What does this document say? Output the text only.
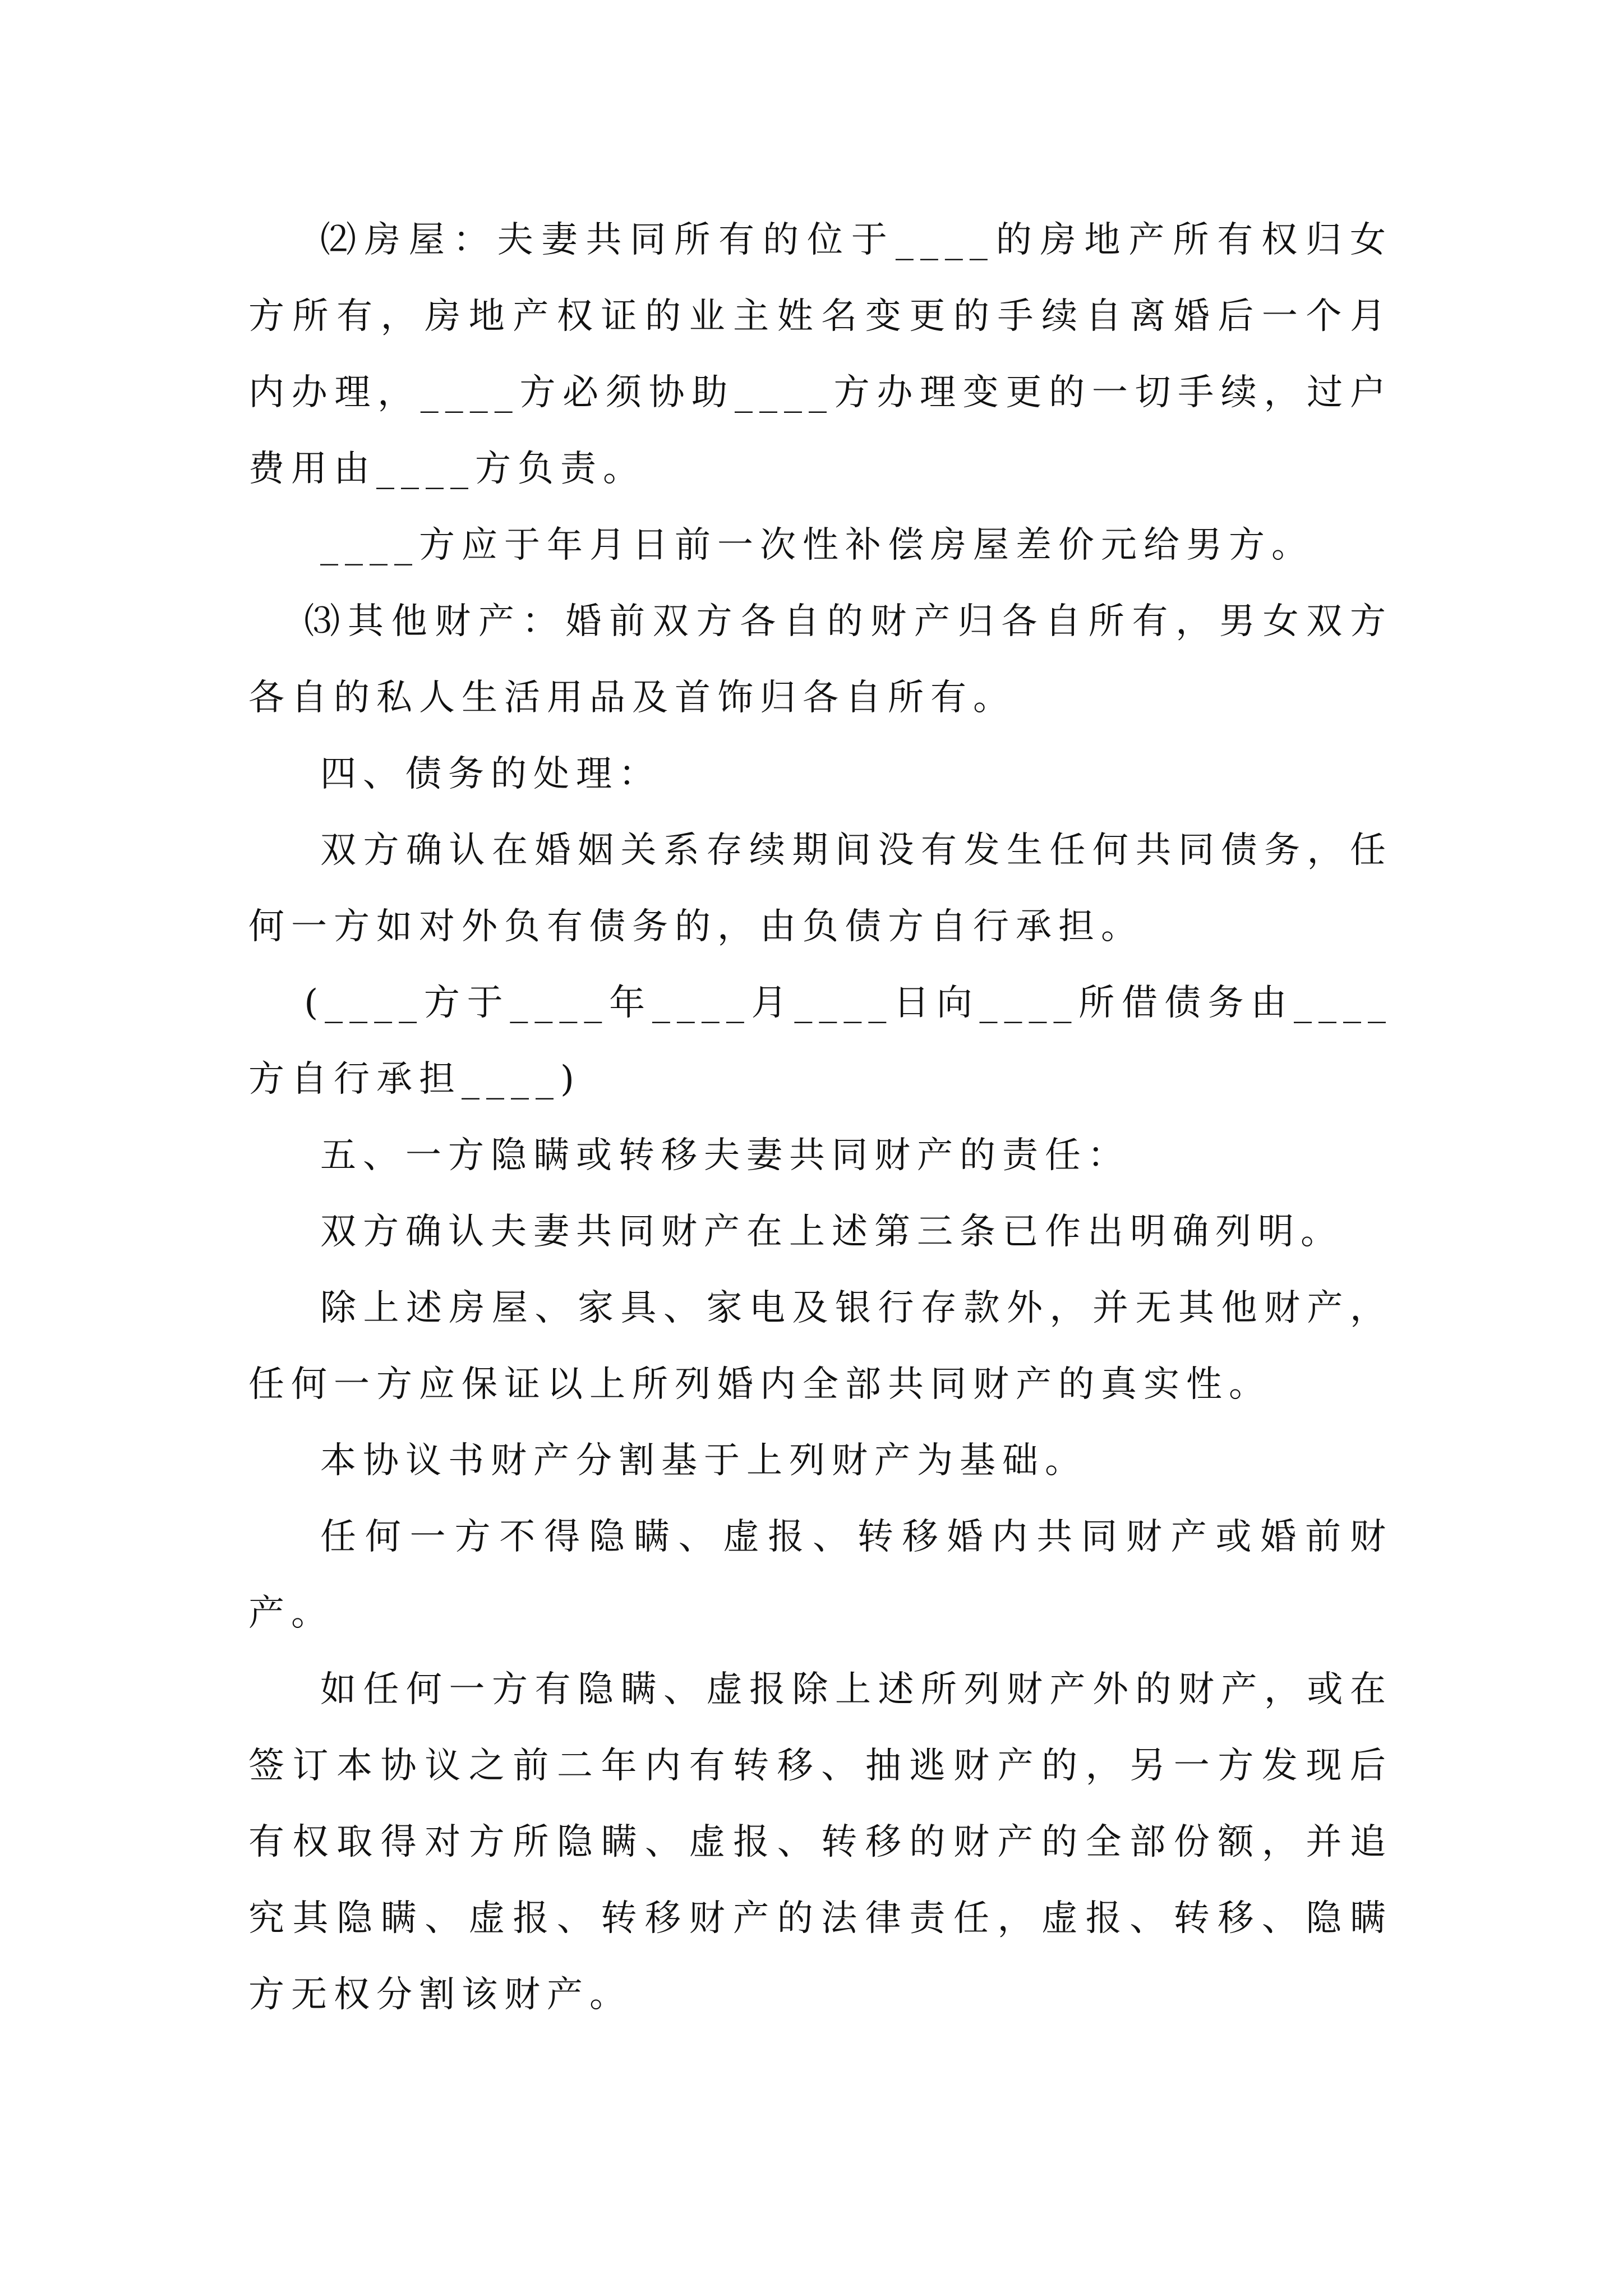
⑵房屋：夫妻共同所有的位于____的房地产所有权归女方所有，房地产权证的业主姓名变更的手续自离婚后一个月内办理，____方必须协助____方办理变更的一切手续，过户费用由____方负责。

____方应于年月日前一次性补偿房屋差价元给男方。

⑶其他财产：婚前双方各自的财产归各自所有，男女双方各自的私人生活用品及首饰归各自所有。

四、债务的处理：

双方确认在婚姻关系存续期间没有发生任何共同债务，任何一方如对外负有债务的，由负债方自行承担。

(____方于____年____月____日向____所借债务由____方自行承担____)

五、一方隐瞒或转移夫妻共同财产的责任：

双方确认夫妻共同财产在上述第三条已作出明确列明。

除上述房屋、家具、家电及银行存款外，并无其他财产，任何一方应保证以上所列婚内全部共同财产的真实性。

本协议书财产分割基于上列财产为基础。

任何一方不得隐瞒、虚报、转移婚内共同财产或婚前财产。

如任何一方有隐瞒、虚报除上述所列财产外的财产，或在签订本协议之前二年内有转移、抽逃财产的，另一方发现后有权取得对方所隐瞒、虚报、转移的财产的全部份额，并追究其隐瞒、虚报、转移财产的法律责任，虚报、转移、隐瞒方无权分割该财产。
